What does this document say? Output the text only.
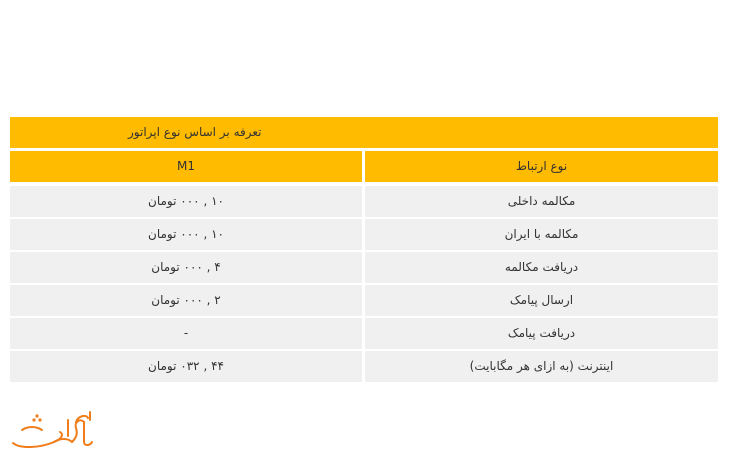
تعرفه بر اساس نوع اپراتور
M1	نوع ارتباط
۱۰ , ۰۰۰ تومان	مکالمه داخلی
۱۰ , ۰۰۰ تومان	مکالمه با ایران
۴ , ۰۰۰ تومان	دریافت مکالمه
۲ , ۰۰۰ تومان	ارسال پیامک
-	دریافت پیامک
۴۴ , ۰۳۲ تومان	اینترنت (به ازای هر مگابایت)
